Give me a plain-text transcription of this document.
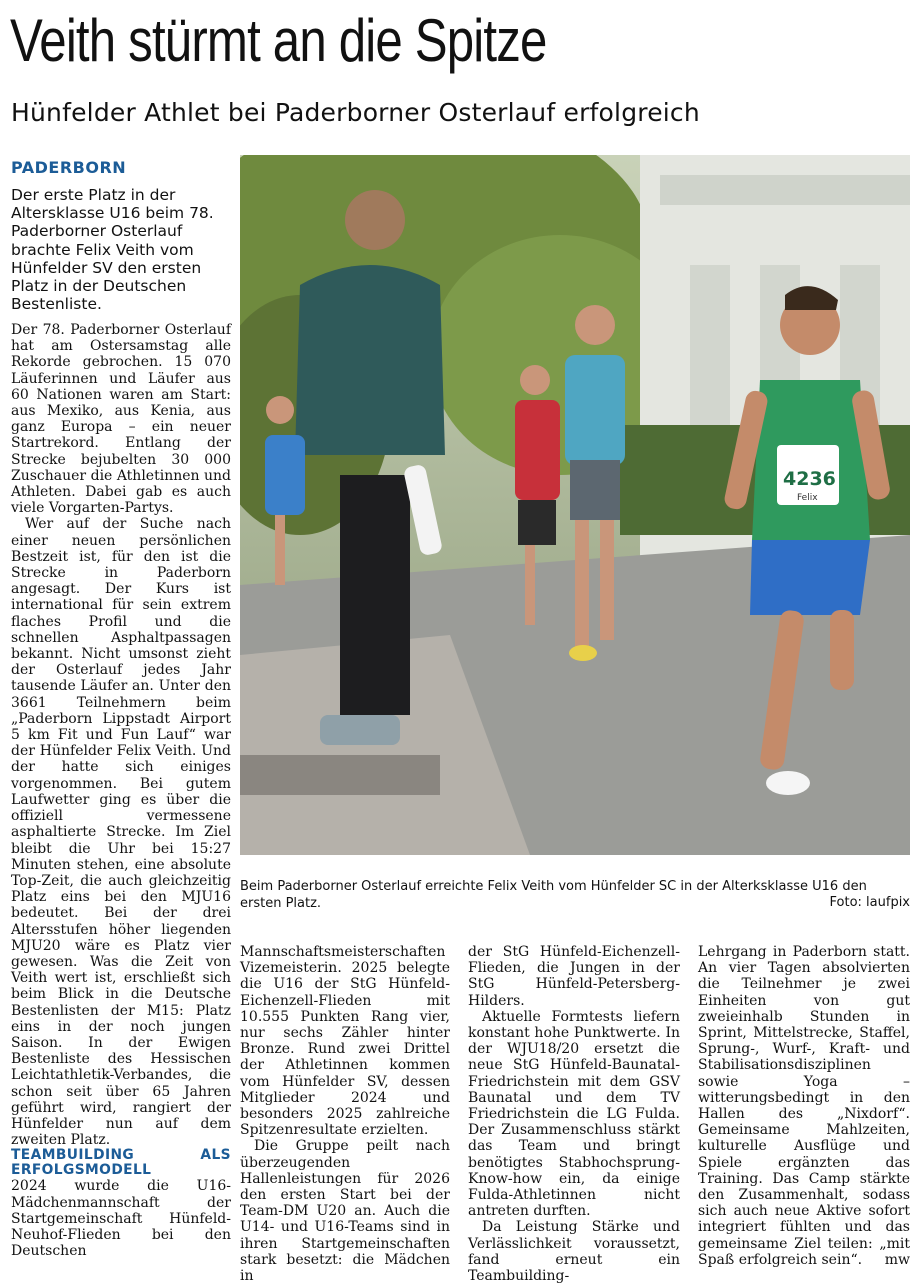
Veith stürmt an die Spitze
Hünfelder Athlet bei Paderborner Osterlauf erfolgreich
PADERBORN

Der erste Platz in der Altersklasse U16 beim 78. Paderborner Osterlauf brachte Felix Veith vom Hünfelder SV den ersten Platz in der Deutschen Bestenliste.

Der 78. Paderborner Osterlauf hat am Ostersamstag alle Rekorde gebrochen. 15 070 Läuferinnen und Läufer aus 60 Nationen waren am Start: aus Mexiko, aus Kenia, aus ganz Europa – ein neuer Startrekord. Entlang der Strecke bejubelten 30 000 Zuschauer die Athletinnen und Athleten. Dabei gab es auch viele Vorgarten-Partys.

Wer auf der Suche nach einer neuen persönlichen Bestzeit ist, für den ist die Strecke in Paderborn angesagt. Der Kurs ist international für sein extrem flaches Profil und die schnellen Asphaltpassagen bekannt. Nicht umsonst zieht der Osterlauf jedes Jahr tausende Läufer an. Unter den 3661 Teilnehmern beim „Paderborn Lippstadt Airport 5 km Fit und Fun Lauf“ war der Hünfelder Felix Veith. Und der hatte sich einiges vorgenommen. Bei gutem Laufwetter ging es über die offiziell vermessene asphaltierte Strecke. Im Ziel bleibt die Uhr bei 15:27 Minuten stehen, eine absolute Top-Zeit, die auch gleichzeitig Platz eins bei den MJU16 bedeutet. Bei der drei Altersstufen höher liegenden MJU20 wäre es Platz vier gewesen. Was die Zeit von Veith wert ist, erschließt sich beim Blick in die Deutsche Bestenlisten der M15: Platz eins in der noch jungen Saison. In der Ewigen Bestenliste des Hessischen Leichtathletik-Verbandes, die schon seit über 65 Jahren geführt wird, rangiert der Hünfelder nun auf dem zweiten Platz.

TEAMBUILDING ALS ERFOLGSMODELL

2024 wurde die U16-Mädchenmannschaft der Startgemeinschaft Hünfeld-Neuhof-Flieden bei den Deutschen

4236
Felix
Beim Paderborner Osterlauf erreichte Felix Veith vom Hünfelder SC in der Alterksklasse U16 den ersten Platz.	Foto: laufpix

Mannschaftsmeisterschaften Vizemeisterin. 2025 belegte die U16 der StG Hünfeld-Eichenzell-Flieden mit 10.555 Punkten Rang vier, nur sechs Zähler hinter Bronze. Rund zwei Drittel der Athletinnen kommen vom Hünfelder SV, dessen Mitglieder 2024 und besonders 2025 zahlreiche Spitzenresultate erzielten.

Die Gruppe peilt nach überzeugenden Hallenleistungen für 2026 den ersten Start bei der Team-DM U20 an. Auch die U14- und U16-Teams sind in ihren Startgemeinschaften stark besetzt: die Mädchen in

der StG Hünfeld-Eichenzell-Flieden, die Jungen in der StG Hünfeld-Petersberg-Hilders.

Aktuelle Formtests liefern konstant hohe Punktwerte. In der WJU18/20 ersetzt die neue StG Hünfeld-Baunatal-Friedrichstein mit dem GSV Baunatal und dem TV Friedrichstein die LG Fulda. Der Zusammenschluss stärkt das Team und bringt benötigtes Stabhochsprung-Know-how ein, da einige Fulda-Athletinnen nicht antreten durften.

Da Leistung Stärke und Verlässlichkeit voraussetzt, fand erneut ein Teambuilding-

Lehrgang in Paderborn statt. An vier Tagen absolvierten die Teilnehmer je zwei Einheiten von gut zweieinhalb Stunden in Sprint, Mittelstrecke, Staffel, Sprung-, Wurf-, Kraft- und Stabilisationsdisziplinen sowie Yoga – witterungsbedingt in den Hallen des „Nixdorf“. Gemeinsame Mahlzeiten, kulturelle Ausflüge und Spiele ergänzten das Training. Das Camp stärkte den Zusammenhalt, sodass sich auch neue Aktive sofort integriert fühlten und das gemeinsame Ziel teilen: „mit Spaß erfolgreich sein“. mw
